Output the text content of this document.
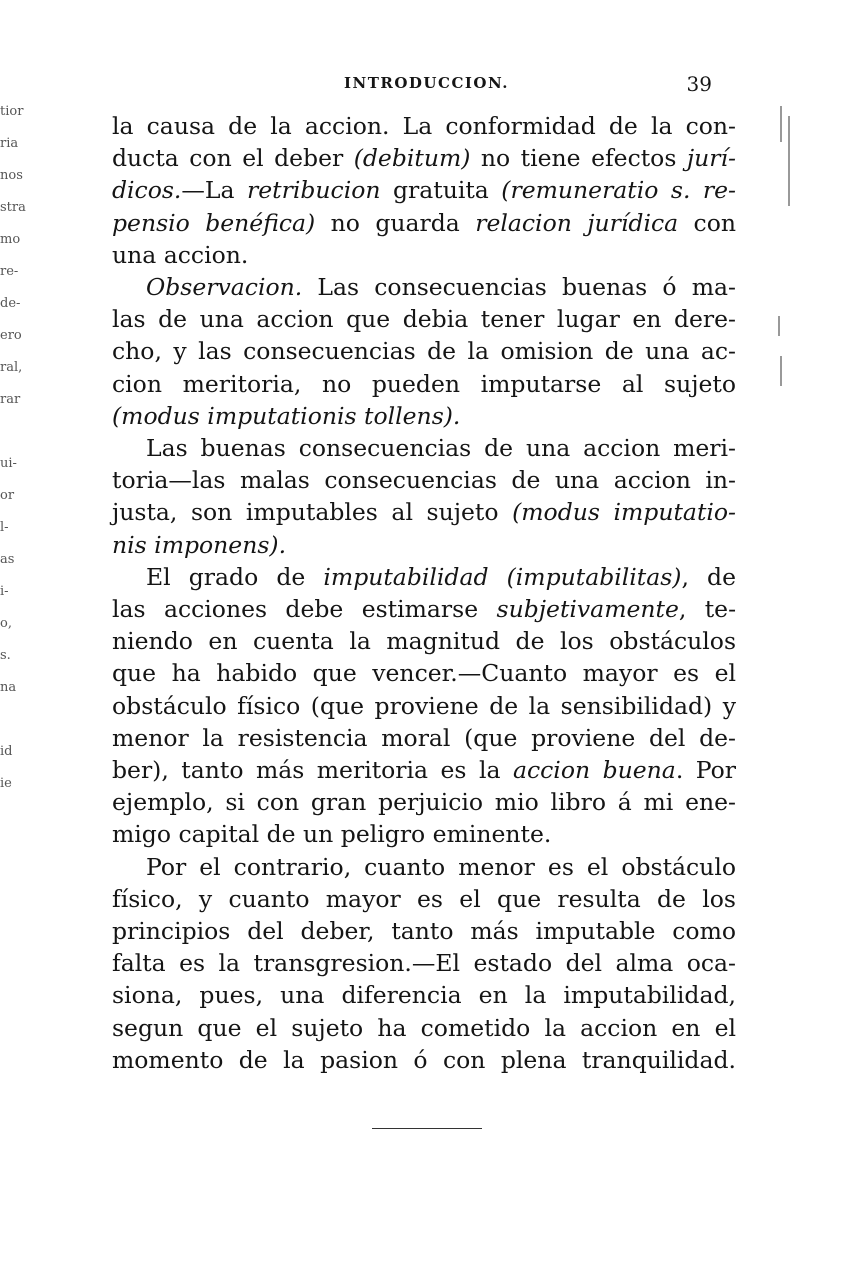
INTRODUCCION.	39
tior
ria
nos
stra
mo
re-
de-
ero
ral,
rar

ui-
or
l-
as
i-
o,
s.
na

id
ie
la causa de la accion. La conformidad de la con-
ducta con el deber (debitum) no tiene efectos jurí-
dicos.—La retribucion gratuita (remuneratio s. re-
pensio benéfica) no guarda relacion jurídica con
una accion.
Observacion. Las consecuencias buenas ó ma-
las de una accion que debia tener lugar en dere-
cho, y las consecuencias de la omision de una ac-
cion meritoria, no pueden imputarse al sujeto
(modus imputationis tollens).
Las buenas consecuencias de una accion meri-
toria—las malas consecuencias de una accion in-
justa, son imputables al sujeto (modus imputatio-
nis imponens).
El grado de imputabilidad (imputabilitas), de
las acciones debe estimarse subjetivamente, te-
niendo en cuenta la magnitud de los obstáculos
que ha habido que vencer.—Cuanto mayor es el
obstáculo físico (que proviene de la sensibilidad) y
menor la resistencia moral (que proviene del de-
ber), tanto más meritoria es la accion buena. Por
ejemplo, si con gran perjuicio mio libro á mi ene-
migo capital de un peligro eminente.
Por el contrario, cuanto menor es el obstáculo
físico, y cuanto mayor es el que resulta de los
principios del deber, tanto más imputable como
falta es la transgresion.—El estado del alma oca-
siona, pues, una diferencia en la imputabilidad,
segun que el sujeto ha cometido la accion en el
momento de la pasion ó con plena tranquilidad.
